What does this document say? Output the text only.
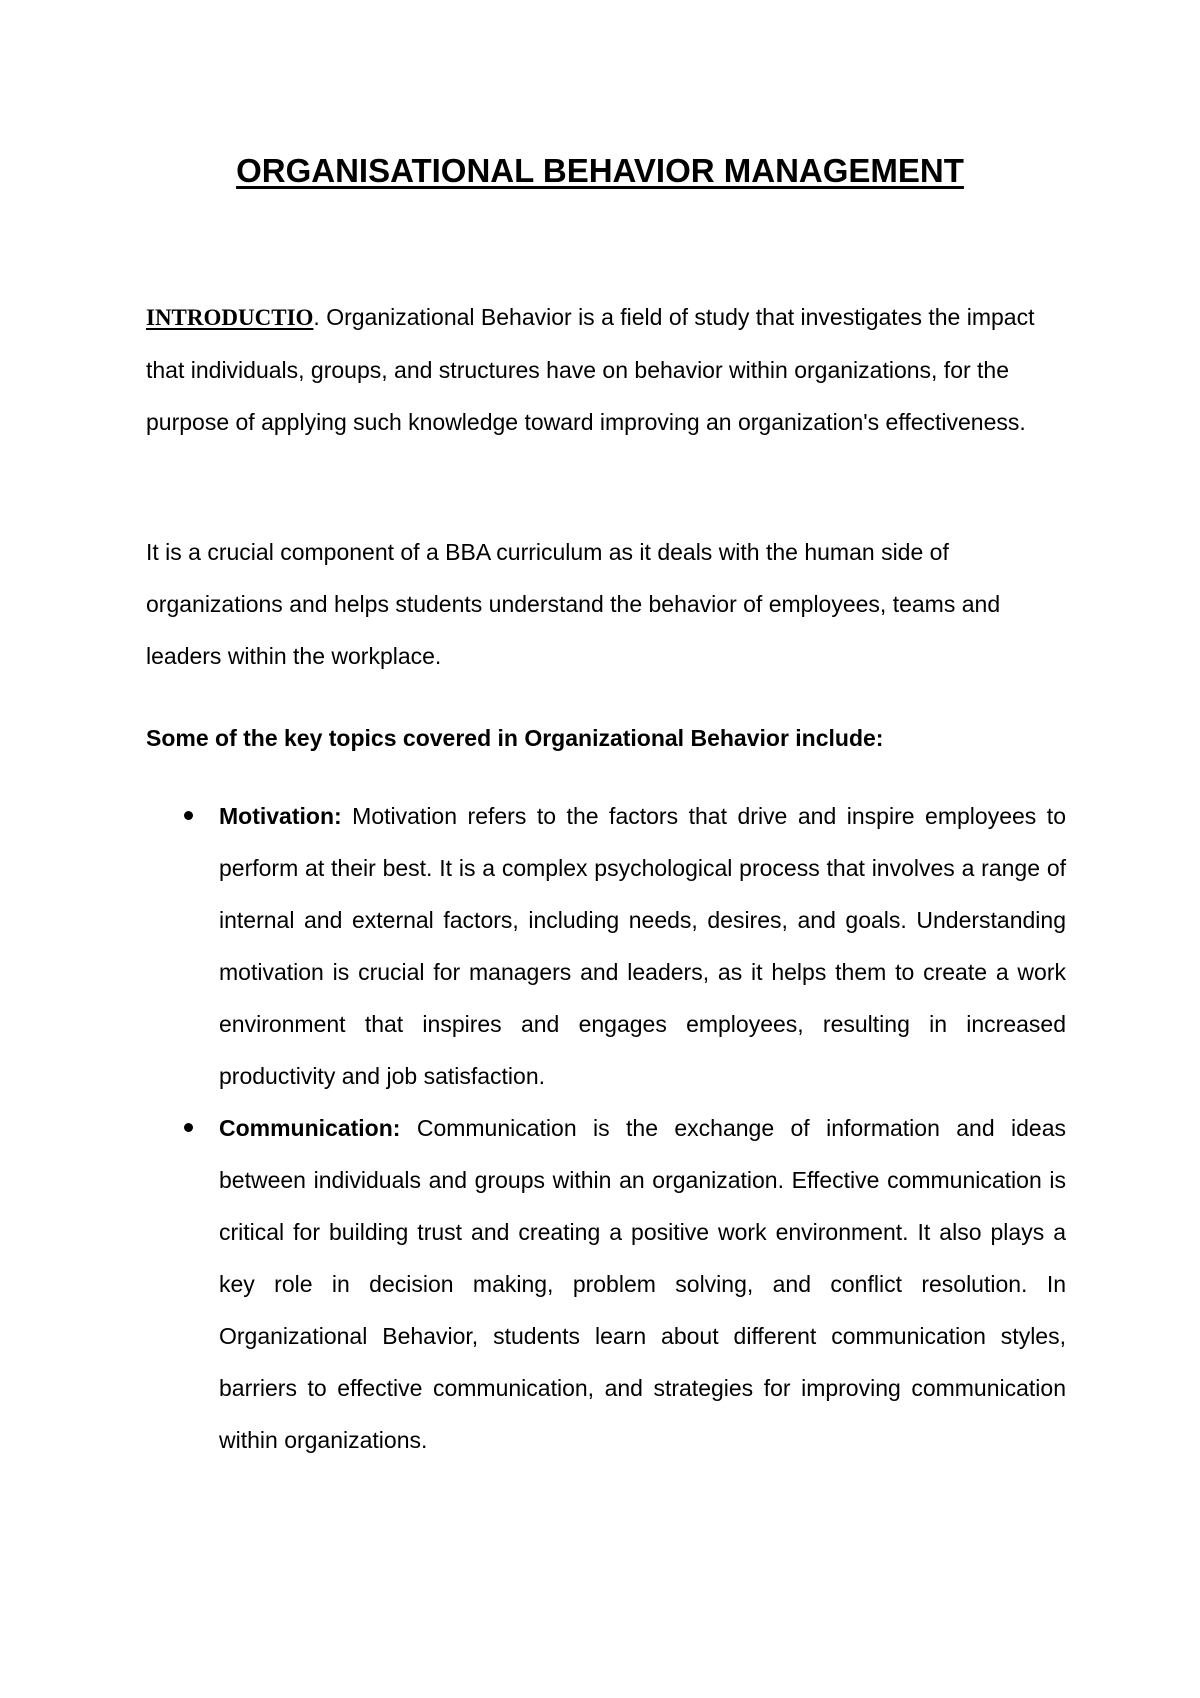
ORGANISATIONAL BEHAVIOR MANAGEMENT

INTRODUCTIO. Organizational Behavior is a field of study that investigates the impact that individuals, groups, and structures have on behavior within organizations, for the purpose of applying such knowledge toward improving an organization's effectiveness.

It is a crucial component of a BBA curriculum as it deals with the human side of organizations and helps students understand the behavior of employees, teams and leaders within the workplace.

Some of the key topics covered in Organizational Behavior include:

Motivation: Motivation refers to the factors that drive and inspire employees to perform at their best. It is a complex psychological process that involves a range of internal and external factors, including needs, desires, and goals. Understanding motivation is crucial for managers and leaders, as it helps them to create a work environment that inspires and engages employees, resulting in increased productivity and job satisfaction.
Communication: Communication is the exchange of information and ideas between individuals and groups within an organization. Effective communication is critical for building trust and creating a positive work environment. It also plays a key role in decision making, problem solving, and conflict resolution. In Organizational Behavior, students learn about different communication styles, barriers to effective communication, and strategies for improving communication within organizations.
